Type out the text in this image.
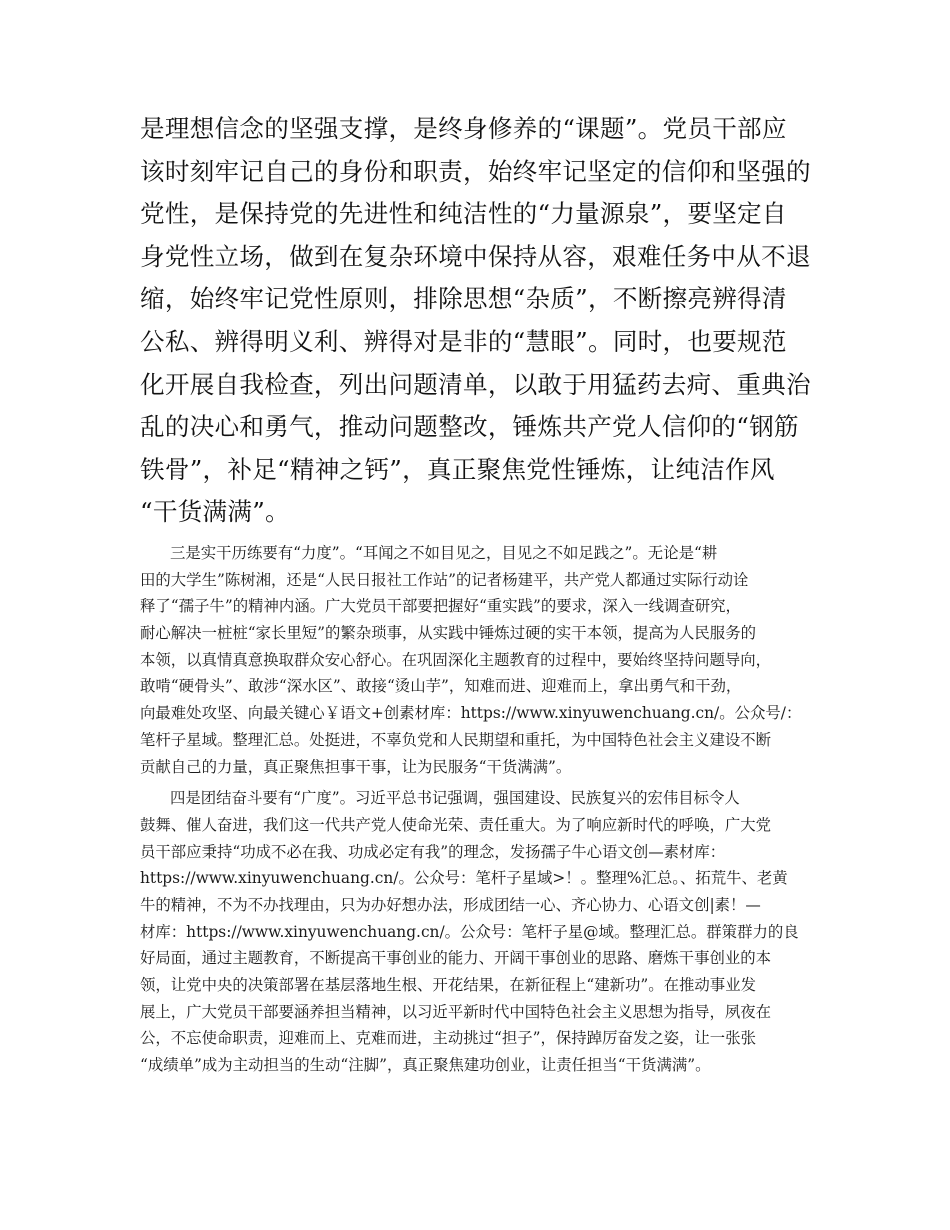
是理想信念的坚强支撑，是终身修养的“课题”。党员干部应
该时刻牢记自己的身份和职责，始终牢记坚定的信仰和坚强的
党性，是保持党的先进性和纯洁性的“力量源泉”，要坚定自
身党性立场，做到在复杂环境中保持从容，艰难任务中从不退
缩，始终牢记党性原则，排除思想“杂质”，不断擦亮辨得清
公私、辨得明义利、辨得对是非的“慧眼”。同时，也要规范
化开展自我检查，列出问题清单，以敢于用猛药去疴、重典治
乱的决心和勇气，推动问题整改，锤炼共产党人信仰的“钢筋
铁骨”，补足“精神之钙”，真正聚焦党性锤炼，让纯洁作风
“干货满满”。
三是实干历练要有“力度”。“耳闻之不如目见之，目见之不如足践之”。无论是“耕
田的大学生”陈树湘，还是“人民日报社工作站”的记者杨建平，共产党人都通过实际行动诠
释了“孺子牛”的精神内涵。广大党员干部要把握好“重实践”的要求，深入一线调查研究，
耐心解决一桩桩“家长里短”的繁杂琐事，从实践中锤炼过硬的实干本领，提高为人民服务的
本领，以真情真意换取群众安心舒心。在巩固深化主题教育的过程中，要始终坚持问题导向，
敢啃“硬骨头”、敢涉“深水区”、敢接“烫山芋”，知难而进、迎难而上，拿出勇气和干劲，
向最难处攻坚、向最关键心￥语文+创素材库：https://www.xinyuwenchuang.cn/。公众号/：
笔杆子星域。整理汇总。处挺进，不辜负党和人民期望和重托，为中国特色社会主义建设不断
贡献自己的力量，真正聚焦担事干事，让为民服务“干货满满”。
四是团结奋斗要有“广度”。习近平总书记强调，强国建设、民族复兴的宏伟目标令人
鼓舞、催人奋进，我们这一代共产党人使命光荣、责任重大。为了响应新时代的呼唤，广大党
员干部应秉持“功成不必在我、功成必定有我”的理念，发扬孺子牛心语文创—素材库：
https://www.xinyuwenchuang.cn/。公众号：笔杆子星域>！。整理%汇总。、拓荒牛、老黄
牛的精神，不为不办找理由，只为办好想办法，形成团结一心、齐心协力、心语文创|素！—
材库：https://www.xinyuwenchuang.cn/。公众号：笔杆子星@域。整理汇总。群策群力的良
好局面，通过主题教育，不断提高干事创业的能力、开阔干事创业的思路、磨炼干事创业的本
领，让党中央的决策部署在基层落地生根、开花结果，在新征程上“建新功”。在推动事业发
展上，广大党员干部要涵养担当精神，以习近平新时代中国特色社会主义思想为指导，夙夜在
公，不忘使命职责，迎难而上、克难而进，主动挑过“担子”，保持踔厉奋发之姿，让一张张
“成绩单”成为主动担当的生动“注脚”，真正聚焦建功创业，让责任担当“干货满满”。
